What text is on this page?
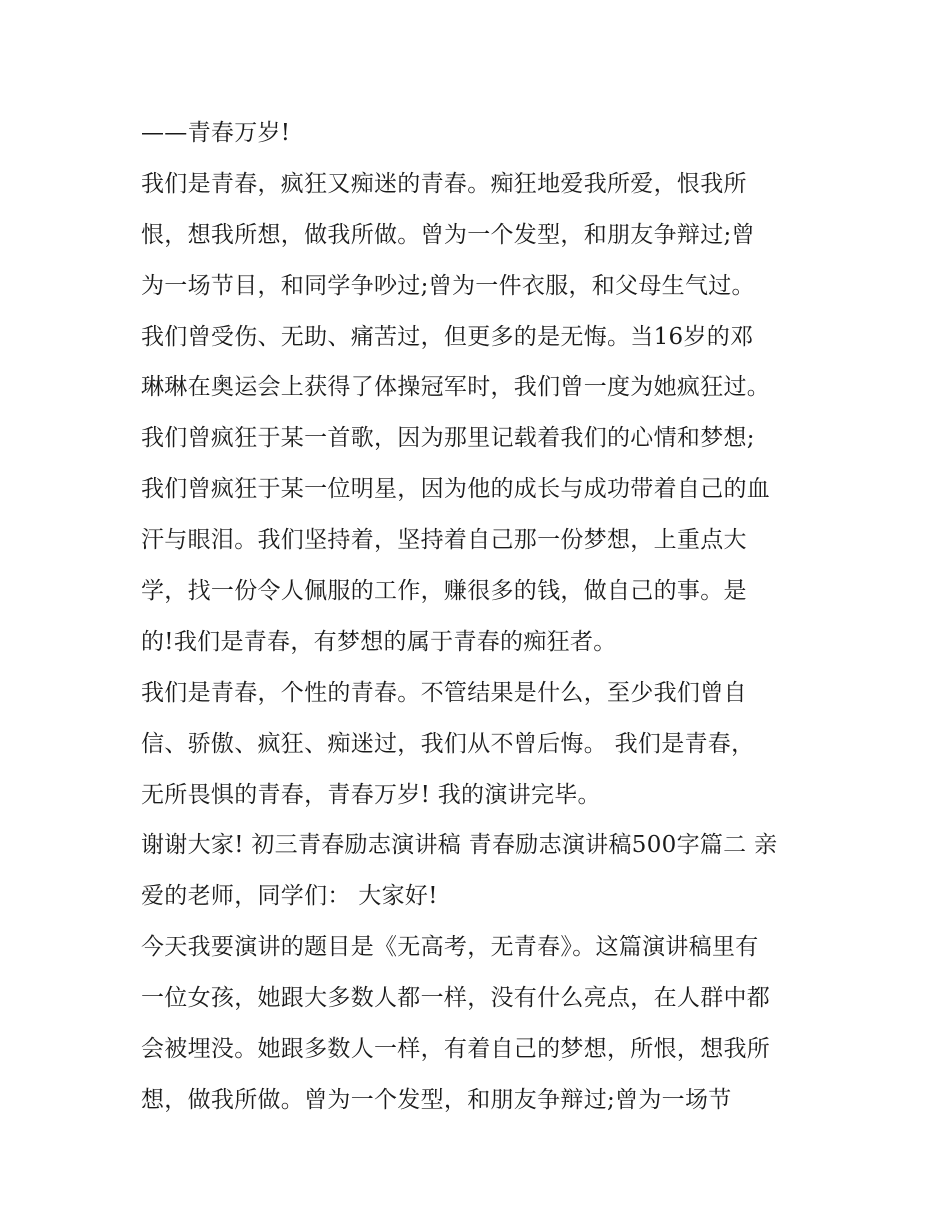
——青春万岁!
我们是青春，疯狂又痴迷的青春。痴狂地爱我所爱，恨我所
恨，想我所想，做我所做。曾为一个发型，和朋友争辩过;曾
为一场节目，和同学争吵过;曾为一件衣服，和父母生气过。
我们曾受伤、无助、痛苦过，但更多的是无悔。当16岁的邓
琳琳在奥运会上获得了体操冠军时，我们曾一度为她疯狂过。
我们曾疯狂于某一首歌，因为那里记载着我们的心情和梦想;
我们曾疯狂于某一位明星，因为他的成长与成功带着自己的血
汗与眼泪。我们坚持着，坚持着自己那一份梦想，上重点大
学，找一份令人佩服的工作，赚很多的钱，做自己的事。是
的!我们是青春，有梦想的属于青春的痴狂者。
我们是青春，个性的青春。不管结果是什么，至少我们曾自
信、骄傲、疯狂、痴迷过，我们从不曾后悔。 我们是青春，
无所畏惧的青春，青春万岁! 我的演讲完毕。
谢谢大家! 初三青春励志演讲稿 青春励志演讲稿500字篇二 亲
爱的老师，同学们： 大家好!
今天我要演讲的题目是《无高考，无青春》。这篇演讲稿里有
一位女孩，她跟大多数人都一样，没有什么亮点，在人群中都
会被埋没。她跟多数人一样，有着自己的梦想，所恨，想我所
想，做我所做。曾为一个发型，和朋友争辩过;曾为一场节
